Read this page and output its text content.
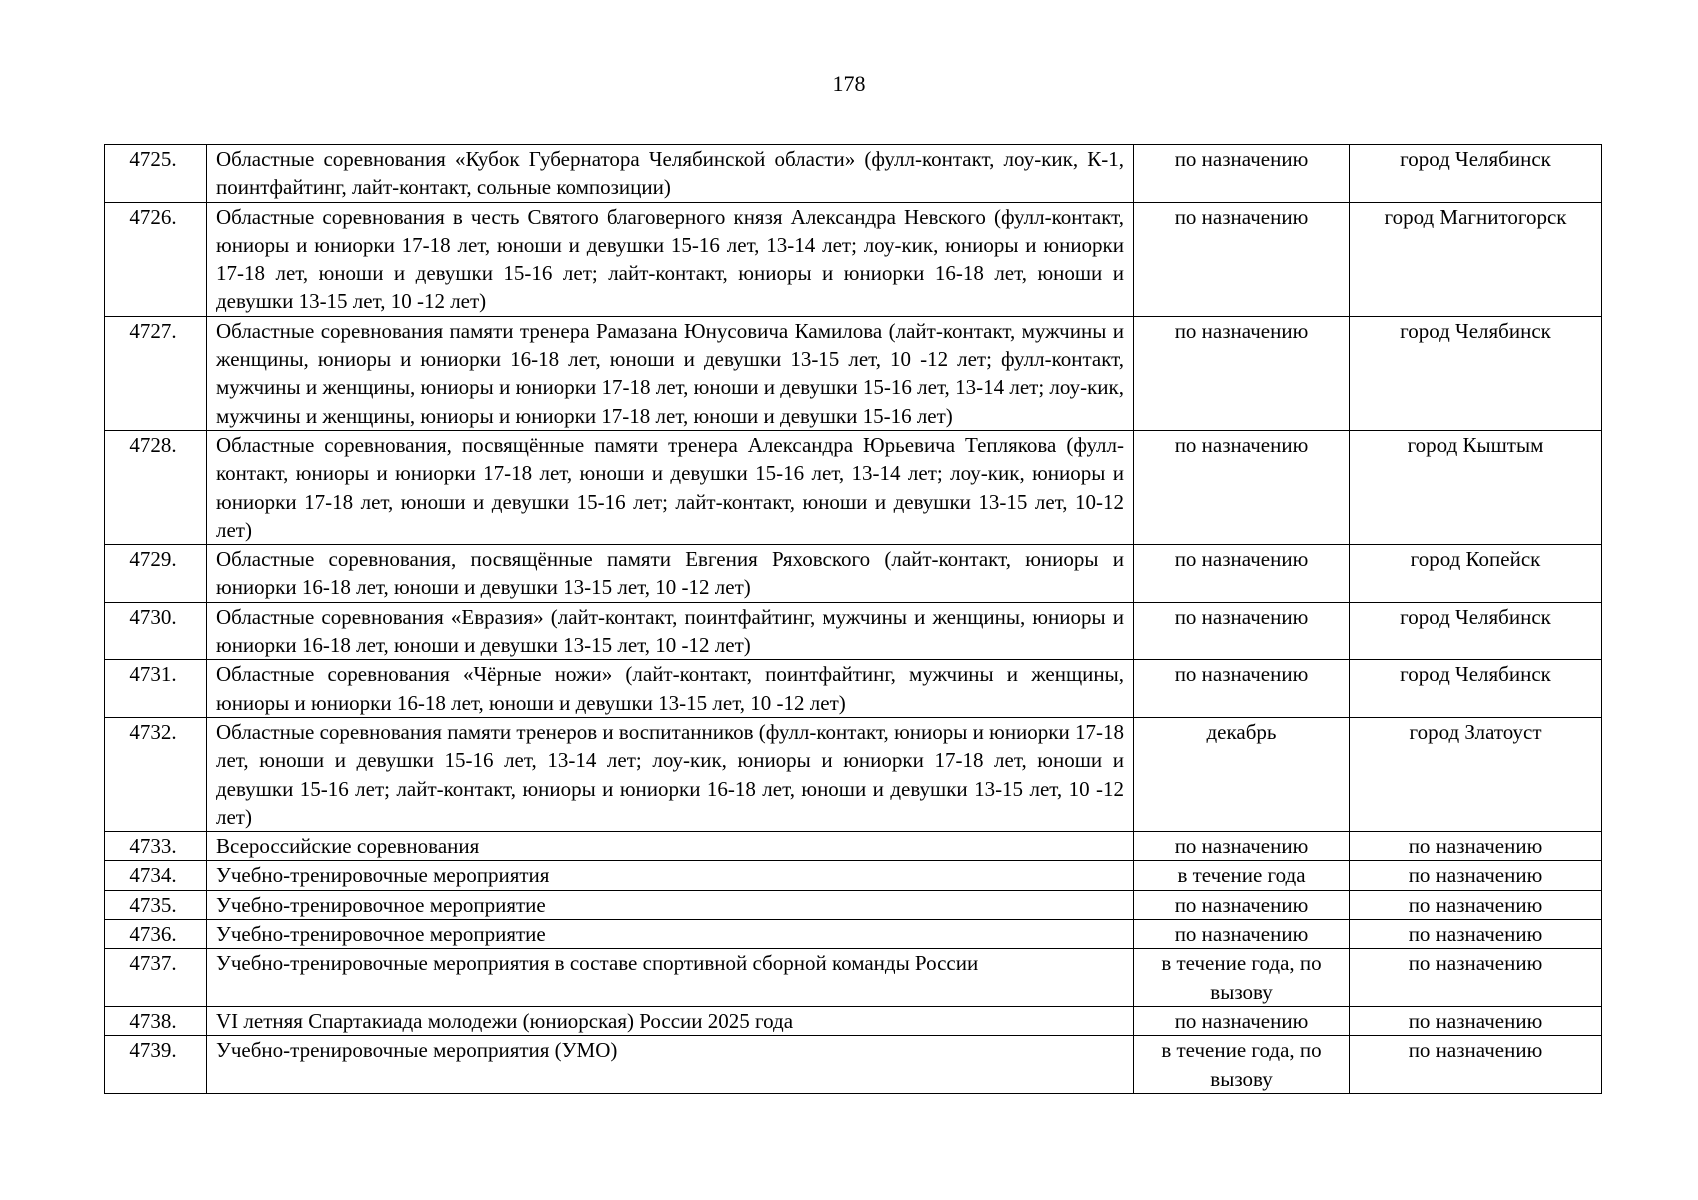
178
4725.	Областные соревнования «Кубок Губернатора Челябинской области» (фулл-контакт, лоу-кик, К-1, поинтфайтинг, лайт-контакт, сольные композиции)	по назначению	город Челябинск
4726.	Областные соревнования в честь Святого благоверного князя Александра Невского (фулл-контакт, юниоры и юниорки 17-18 лет, юноши и девушки 15-16 лет, 13-14 лет; лоу-кик, юниоры и юниорки 17-18 лет, юноши и девушки 15-16 лет; лайт-контакт, юниоры и юниорки 16-18 лет, юноши и девушки 13-15 лет, 10 -12 лет)	по назначению	город Магнитогорск
4727.	Областные соревнования памяти тренера Рамазана Юнусовича Камилова (лайт-контакт, мужчины и женщины, юниоры и юниорки 16-18 лет, юноши и девушки 13-15 лет, 10 -12 лет; фулл-контакт, мужчины и женщины, юниоры и юниорки 17-18 лет, юноши и девушки 15-16 лет, 13-14 лет; лоу-кик, мужчины и женщины, юниоры и юниорки 17-18 лет, юноши и девушки 15-16 лет)	по назначению	город Челябинск
4728.	Областные соревнования, посвящённые памяти тренера Александра Юрьевича Теплякова (фулл-контакт, юниоры и юниорки 17-18 лет, юноши и девушки 15-16 лет, 13-14 лет; лоу-кик, юниоры и юниорки 17-18 лет, юноши и девушки 15-16 лет; лайт-контакт, юноши и девушки 13-15 лет, 10-12 лет)	по назначению	город Кыштым
4729.	Областные соревнования, посвящённые памяти Евгения Ряховского (лайт-контакт, юниоры и юниорки 16-18 лет, юноши и девушки 13-15 лет, 10 -12 лет)	по назначению	город Копейск
4730.	Областные соревнования «Евразия» (лайт-контакт, поинтфайтинг, мужчины и женщины, юниоры и юниорки 16-18 лет, юноши и девушки 13-15 лет, 10 -12 лет)	по назначению	город Челябинск
4731.	Областные соревнования «Чёрные ножи» (лайт-контакт, поинтфайтинг, мужчины и женщины, юниоры и юниорки 16-18 лет, юноши и девушки 13-15 лет, 10 -12 лет)	по назначению	город Челябинск
4732.	Областные соревнования памяти тренеров и воспитанников (фулл-контакт, юниоры и юниорки 17-18 лет, юноши и девушки 15-16 лет, 13-14 лет; лоу-кик, юниоры и юниорки 17-18 лет, юноши и девушки 15-16 лет; лайт-контакт, юниоры и юниорки 16-18 лет, юноши и девушки 13-15 лет, 10 -12 лет)	декабрь	город Златоуст
4733.	Всероссийские соревнования	по назначению	по назначению
4734.	Учебно-тренировочные мероприятия	в течение года	по назначению
4735.	Учебно-тренировочное мероприятие	по назначению	по назначению
4736.	Учебно-тренировочное мероприятие	по назначению	по назначению
4737.	Учебно-тренировочные мероприятия в составе спортивной сборной команды России	в течение года, по вызову	по назначению
4738.	VI летняя Спартакиада молодежи (юниорская) России 2025 года	по назначению	по назначению
4739.	Учебно-тренировочные мероприятия (УМО)	в течение года, по вызову	по назначению
